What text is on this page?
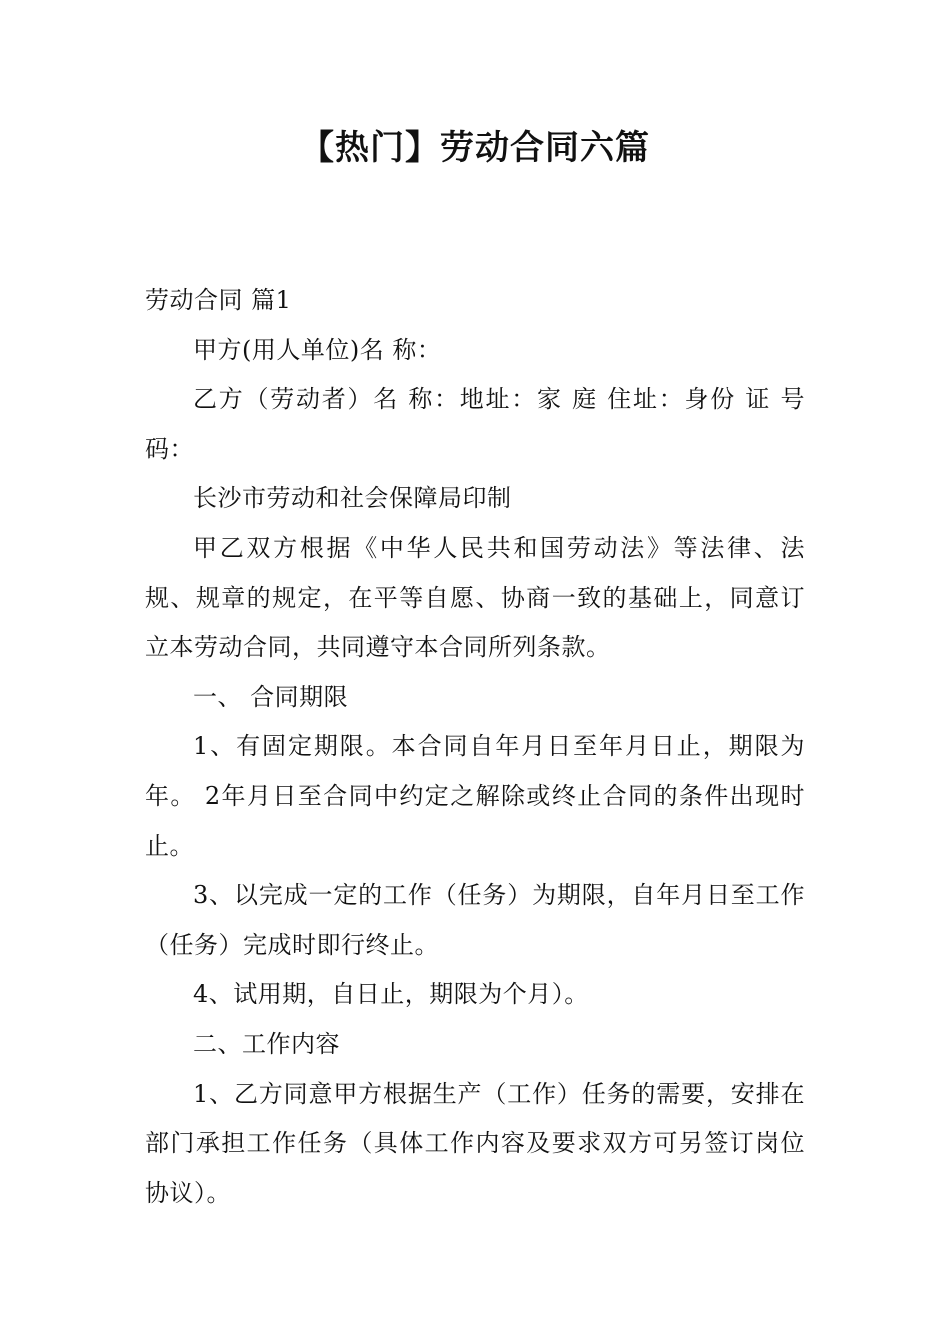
【热门】劳动合同六篇

劳动合同 篇1

甲方(用人单位)名 称：

乙方（劳动者）名 称：地址：家 庭 住址：身份 证 号 码：

长沙市劳动和社会保障局印制

甲乙双方根据《中华人民共和国劳动法》等法律、法规、规章的规定，在平等自愿、协商一致的基础上，同意订立本劳动合同，共同遵守本合同所列条款。

一、 合同期限

1、有固定期限。本合同自年月日至年月日止，期限为年。 2年月日至合同中约定之解除或终止合同的条件出现时止。

3、以完成一定的工作（任务）为期限，自年月日至工作（任务）完成时即行终止。

4、试用期，自日止，期限为个月）。

二、工作内容

1、乙方同意甲方根据生产（工作）任务的需要，安排在部门承担工作任务（具体工作内容及要求双方可另签订岗位协议）。
